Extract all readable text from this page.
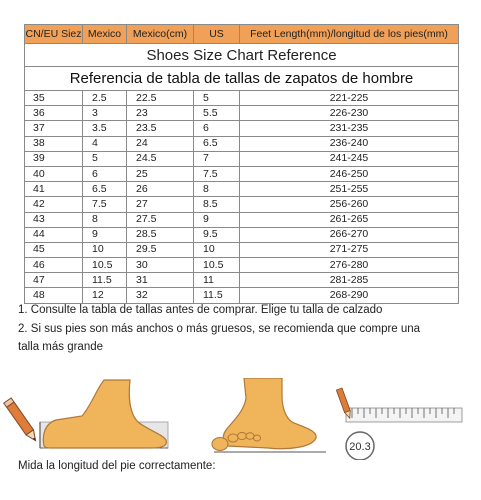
Shoes Size Chart Reference				
Referencia de tabla de tallas de zapatos de hombre				
CN/EU Siez	Mexico	Mexico(cm)	US	Feet Length(mm)/longitud de los pies(mm)
35	2.5	22.5	5	221-225
36	3	23	5.5	226-230
37	3.5	23.5	6	231-235
38	4	24	6.5	236-240
39	5	24.5	7	241-245
40	6	25	7.5	246-250
41	6.5	26	8	251-255
42	7.5	27	8.5	256-260
43	8	27.5	9	261-265
44	9	28.5	9.5	266-270
45	10	29.5	10	271-275
46	10.5	30	10.5	276-280
47	11.5	31	11	281-285
48	12	32	11.5	268-290

1. Consulte la tabla de tallas antes de comprar. Elige tu talla de calzado

2. Si sus pies son más anchos o más gruesos, se recomienda que compre una

talla más grande

20.3
Mida la longitud del pie correctamente:
